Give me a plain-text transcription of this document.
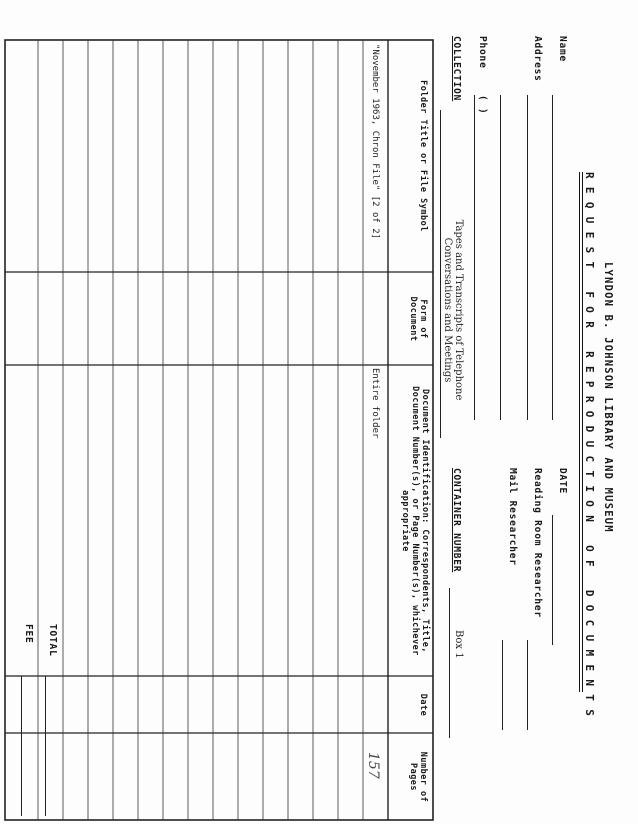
LYNDON B. JOHNSON LIBRARY AND MUSEUM
REQUEST FOR REPRODUCTION OF DOCUMENTS
Name
Address
Phone
( )
DATE
Reading Room Researcher
Mail Researcher
COLLECTION
Tapes and Transcripts of Telephone Conversations and Meetings
CONTAINER NUMBER
Box 1
Folder Title or File Symbol
Form of Document
Document Identification: Correspondents, Title, Document Number(s), or Page Number(s), whichever appropriate
Date
Number of Pages
"November 1963, Chron File" [2 of 2]
Entire folder
157
TOTAL
FEE
